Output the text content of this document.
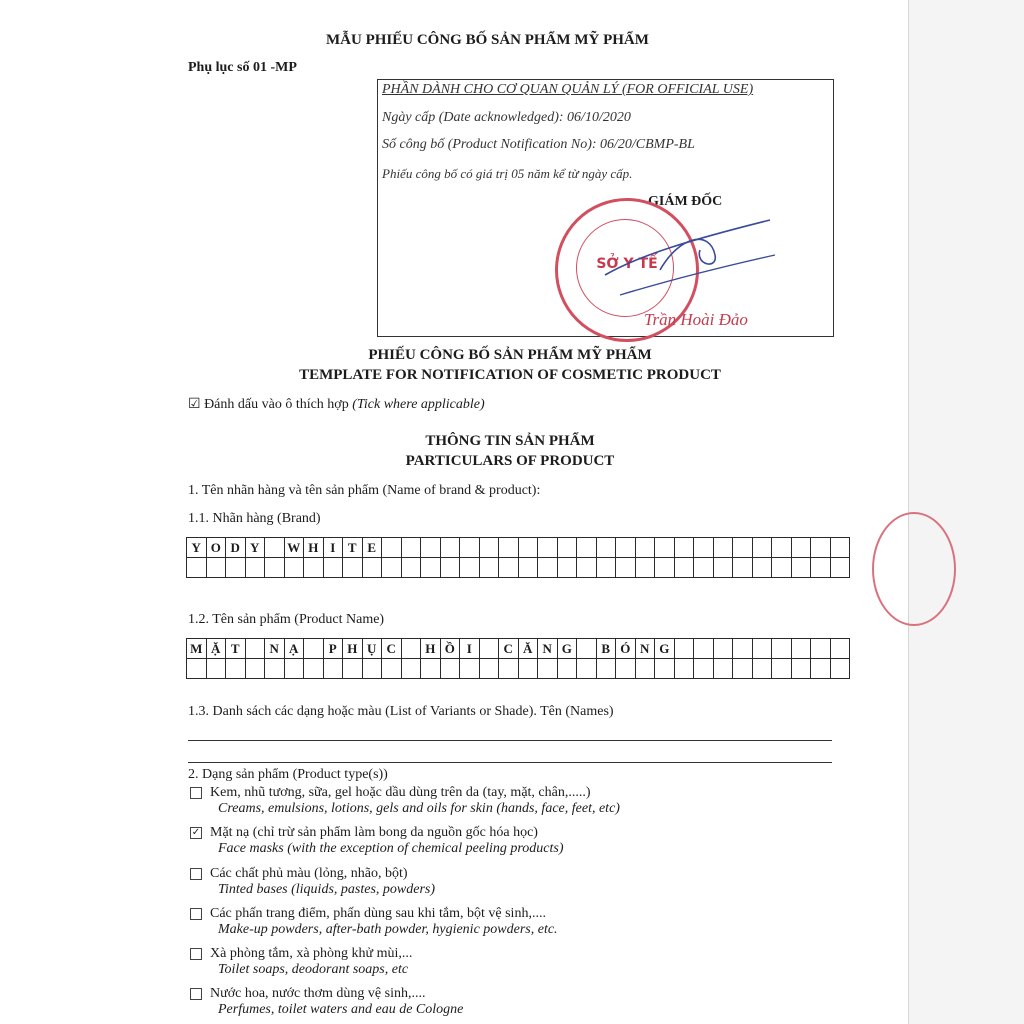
MẪU PHIẾU CÔNG BỐ SẢN PHẨM MỸ PHẨM
Phụ lục số 01 -MP
PHẦN DÀNH CHO CƠ QUAN QUẢN LÝ (FOR OFFICIAL USE)
Ngày cấp (Date acknowledged): 06/10/2020
Số công bố (Product Notification No): 06/20/CBMP-BL
Phiếu công bố có giá trị 05 năm kể từ ngày cấp.
GIÁM ĐỐC
SỞ Y TẾ
Trần Hoài Đảo
PHIẾU CÔNG BỐ SẢN PHẨM MỸ PHẨM
TEMPLATE FOR NOTIFICATION OF COSMETIC PRODUCT
☑ Đánh dấu vào ô thích hợp (Tick where applicable)
THÔNG TIN SẢN PHẨM
PARTICULARS OF PRODUCT
1. Tên nhãn hàng và tên sản phẩm (Name of brand & product):
1.1. Nhãn hàng (Brand)
Y	O	D	Y		W	H	I	T	E																								

1.2. Tên sản phẩm (Product Name)
M	Ặ	T		N	Ạ		P	H	Ụ	C		H	Ồ	I		C	Ă	N	G		B	Ó	N	G									

1.3. Danh sách các dạng hoặc màu (List of Variants or Shade). Tên (Names)
2. Dạng sản phẩm (Product type(s))
Kem, nhũ tương, sữa, gel hoặc dầu dùng trên da (tay, mặt, chân,.....)
Creams, emulsions, lotions, gels and oils for skin (hands, face, feet, etc)
✓ Mặt nạ (chỉ trừ sản phẩm làm bong da nguồn gốc hóa học)
Face masks (with the exception of chemical peeling products)
Các chất phủ màu (lỏng, nhão, bột)
Tinted bases (liquids, pastes, powders)
Các phấn trang điểm, phấn dùng sau khi tắm, bột vệ sinh,....
Make-up powders, after-bath powder, hygienic powders, etc.
Xà phòng tắm, xà phòng khử mùi,...
Toilet soaps, deodorant soaps, etc
Nước hoa, nước thơm dùng vệ sinh,....
Perfumes, toilet waters and eau de Cologne
